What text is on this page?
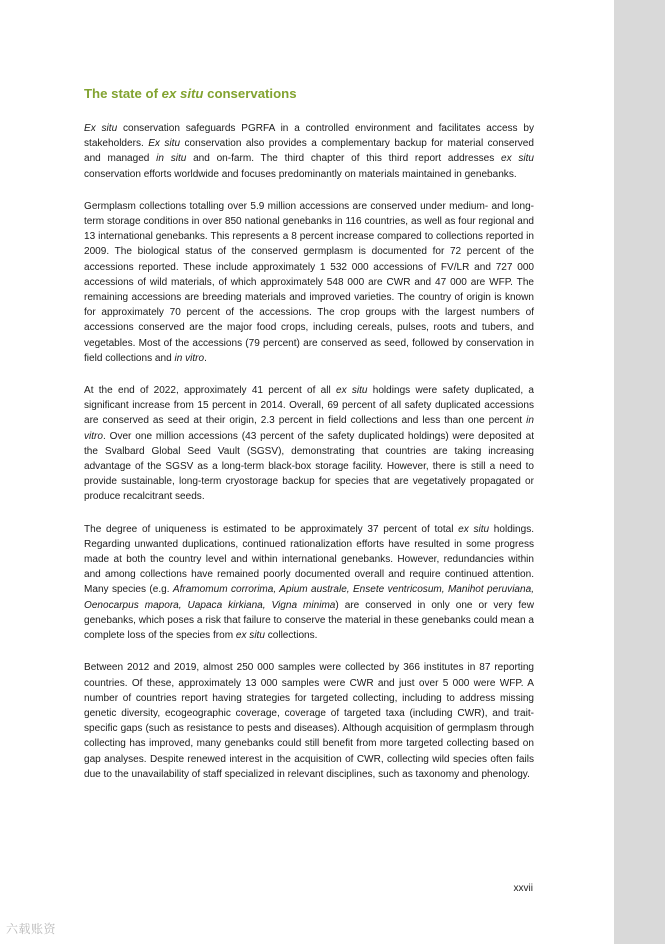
The state of ex situ conservations

Ex situ conservation safeguards PGRFA in a controlled environment and facilitates access by stakeholders. Ex situ conservation also provides a complementary backup for material conserved and managed in situ and on-farm. The third chapter of this third report addresses ex situ conservation efforts worldwide and focuses predominantly on materials maintained in genebanks.

Germplasm collections totalling over 5.9 million accessions are conserved under medium- and long-term storage conditions in over 850 national genebanks in 116 countries, as well as four regional and 13 international genebanks. This represents a 8 percent increase compared to collections reported in 2009. The biological status of the conserved germplasm is documented for 72 percent of the accessions reported. These include approximately 1 532 000 accessions of FV/LR and 727 000 accessions of wild materials, of which approximately 548 000 are CWR and 47 000 are WFP. The remaining accessions are breeding materials and improved varieties. The country of origin is known for approximately 70 percent of the accessions. The crop groups with the largest numbers of accessions conserved are the major food crops, including cereals, pulses, roots and tubers, and vegetables. Most of the accessions (79 percent) are conserved as seed, followed by conservation in field collections and in vitro.

At the end of 2022, approximately 41 percent of all ex situ holdings were safety duplicated, a significant increase from 15 percent in 2014. Overall, 69 percent of all safety duplicated accessions are conserved as seed at their origin, 2.3 percent in field collections and less than one percent in vitro. Over one million accessions (43 percent of the safety duplicated holdings) were deposited at the Svalbard Global Seed Vault (SGSV), demonstrating that countries are taking increasing advantage of the SGSV as a long-term black-box storage facility. However, there is still a need to provide sustainable, long-term cryostorage backup for species that are vegetatively propagated or produce recalcitrant seeds.

The degree of uniqueness is estimated to be approximately 37 percent of total ex situ holdings. Regarding unwanted duplications, continued rationalization efforts have resulted in some progress made at both the country level and within international genebanks. However, redundancies within and among collections have remained poorly documented overall and require continued attention. Many species (e.g. Aframomum corrorima, Apium australe, Ensete ventricosum, Manihot peruviana, Oenocarpus mapora, Uapaca kirkiana, Vigna minima) are conserved in only one or very few genebanks, which poses a risk that failure to conserve the material in these genebanks could mean a complete loss of the species from ex situ collections.

Between 2012 and 2019, almost 250 000 samples were collected by 366 institutes in 87 reporting countries. Of these, approximately 13 000 samples were CWR and just over 5 000 were WFP. A number of countries report having strategies for targeted collecting, including to address missing genetic diversity, ecogeographic coverage, coverage of targeted taxa (including CWR), and trait-specific gaps (such as resistance to pests and diseases). Although acquisition of germplasm through collecting has improved, many genebanks could still benefit from more targeted collecting based on gap analyses. Despite renewed interest in the acquisition of CWR, collecting wild species often fails due to the unavailability of staff specialized in relevant disciplines, such as taxonomy and phenology.

xxvii
六载账资
